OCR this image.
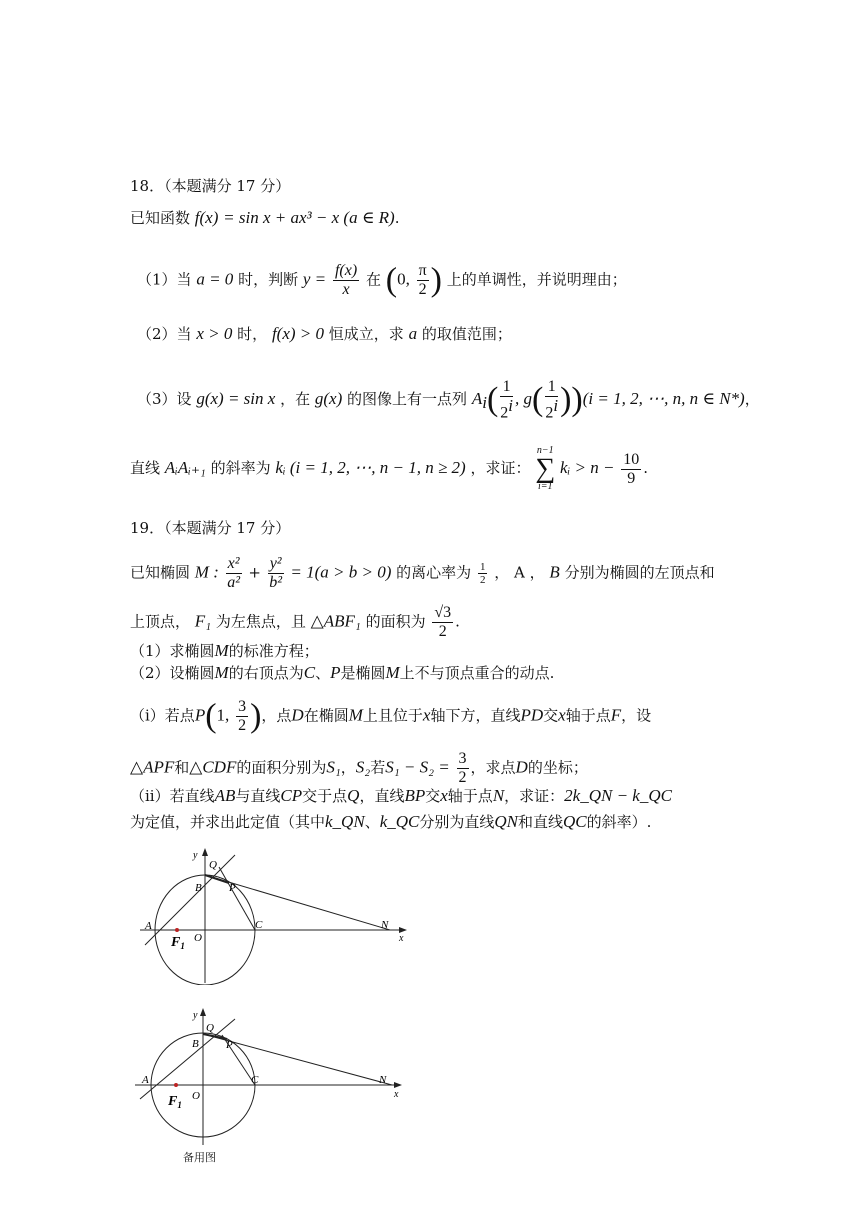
18．（本题满分 17 分）
已知函数 f(x) = sin x + ax³ − x (a ∈ R).
（1）当 a = 0 时，判断 $y = \frac{f(x)}{x}$ 在 (0, $\frac{\pi}{2}$ ) 上的单调性，并说明理由；
（2）当 x > 0 时， f(x) > 0 恒成立，求 a 的取值范围；
（3）设 g(x) = sin x ，在 g(x) 的图像上有一点列 $A_i( \frac{1}{2^i}$ , $g( \frac{1}{2^i} ))(i = 1$, 2, ⋯, n, n ∈ N*)，
直线 AᵢAᵢ₊₁ 的斜率为 kᵢ (i = 1, 2, ⋯, n − 1, n ≥ 2) ，求证：
n−1
∑
i=1
kᵢ > $n - \frac{10}{9}$ .
19．（本题满分 17 分）
已知椭圆 M : $\frac{\text{x²}}{\text{a²}} + \frac{\text{y²}}{\text{b²}} = 1(a > b > 0)$ 的离心率为 $\frac{1}{2}$ ， A ， B 分别为椭圆的左顶点和
上顶点， F₁ 为左焦点，且 △ABF₁ 的面积为 $\frac{√3}{2}$ .
（1）求椭圆M的标准方程；
（2）设椭圆M的右顶点为C、P是椭圆M上不与顶点重合的动点.
（i）若点P(1, $\frac{3}{2}$ )，点D在椭圆M上且位于x轴下方，直线PD交x轴于点F，设
△APF和△CDF的面积分别为S₁，S₂若$S_1 - S_2 = \frac{3}{2}$ ，求点D的坐标；
（ii）若直线AB与直线CP交于点Q，直线BP交x轴于点N，求证：2k_QN − k_QC
为定值，并求出此定值（其中k_QN、k_QC分别为直线QN和直线QC的斜率）.
y
Q
B P
A
O
C	N
x
$F_1$
y
Q
B P
A
O
C	N
x
$F_1$
备用图
